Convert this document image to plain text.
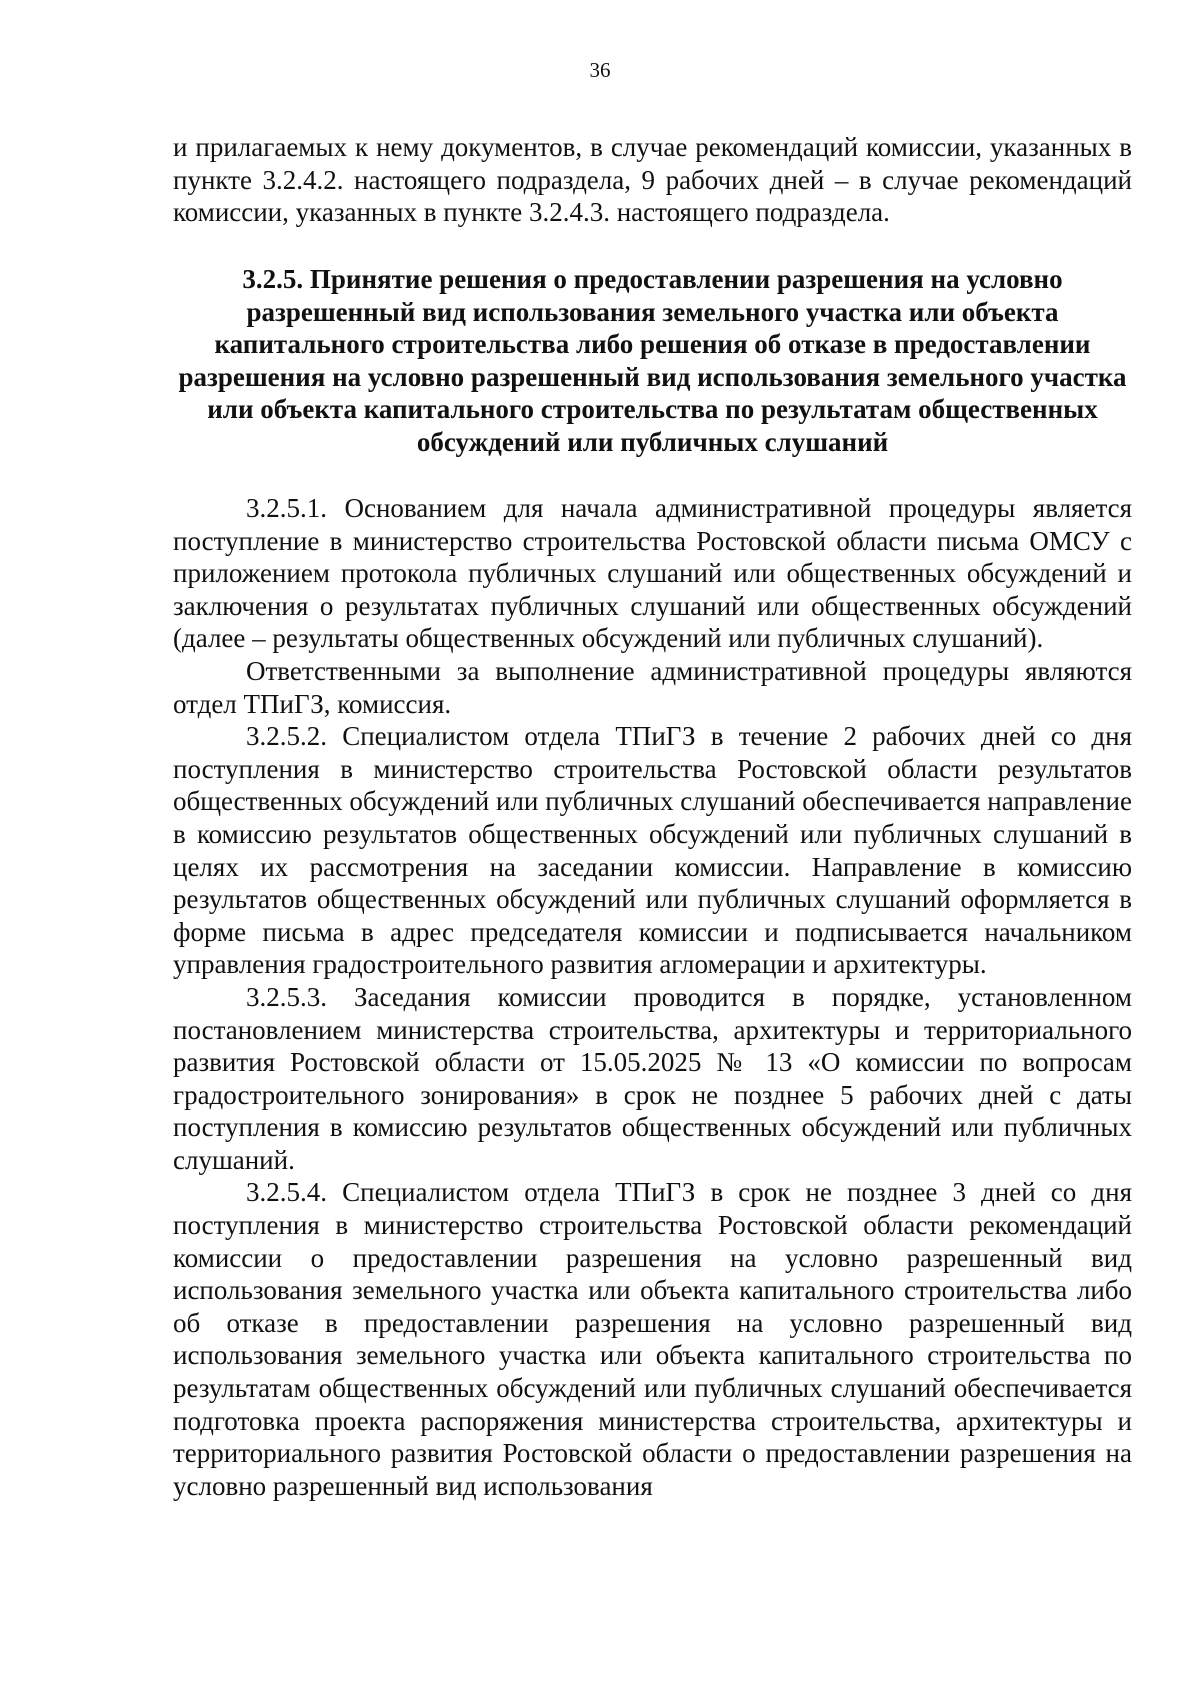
36

и прилагаемых к нему документов, в случае рекомендаций комиссии, указанных в пункте 3.2.4.2. настоящего подраздела, 9 рабочих дней – в случае рекомендаций комиссии, указанных в пункте 3.2.4.3. настоящего подраздела.

3.2.5. Принятие решения о предоставлении разрешения на условно разрешенный вид использования земельного участка или объекта капитального строительства либо решения об отказе в предоставлении разрешения на условно разрешенный вид использования земельного участка или объекта капитального строительства по результатам общественных обсуждений или публичных слушаний

3.2.5.1. Основанием для начала административной процедуры является поступление в министерство строительства Ростовской области письма ОМСУ с приложением протокола публичных слушаний или общественных обсуждений и заключения о результатах публичных слушаний или общественных обсуждений (далее – результаты общественных обсуждений или публичных слушаний).

Ответственными за выполнение административной процедуры являются отдел ТПиГЗ, комиссия.

3.2.5.2. Специалистом отдела ТПиГЗ в течение 2 рабочих дней со дня поступления в министерство строительства Ростовской области результатов общественных обсуждений или публичных слушаний обеспечивается направление в комиссию результатов общественных обсуждений или публичных слушаний в целях их рассмотрения на заседании комиссии. Направление в комиссию результатов общественных обсуждений или публичных слушаний оформляется в форме письма в адрес председателя комиссии и подписывается начальником управления градостроительного развития агломерации и архитектуры.

3.2.5.3. Заседания комиссии проводится в порядке, установленном постановлением министерства строительства, архитектуры и территориального развития Ростовской области от 15.05.2025 № 13 «О комиссии по вопросам градостроительного зонирования» в срок не позднее 5 рабочих дней с даты поступления в комиссию результатов общественных обсуждений или публичных слушаний.

3.2.5.4. Специалистом отдела ТПиГЗ в срок не позднее 3 дней со дня поступления в министерство строительства Ростовской области рекомендаций комиссии о предоставлении разрешения на условно разрешенный вид использования земельного участка или объекта капитального строительства либо об отказе в предоставлении разрешения на условно разрешенный вид использования земельного участка или объекта капитального строительства по результатам общественных обсуждений или публичных слушаний обеспечивается подготовка проекта распоряжения министерства строительства, архитектуры и территориального развития Ростовской области о предоставлении разрешения на условно разрешенный вид использования
